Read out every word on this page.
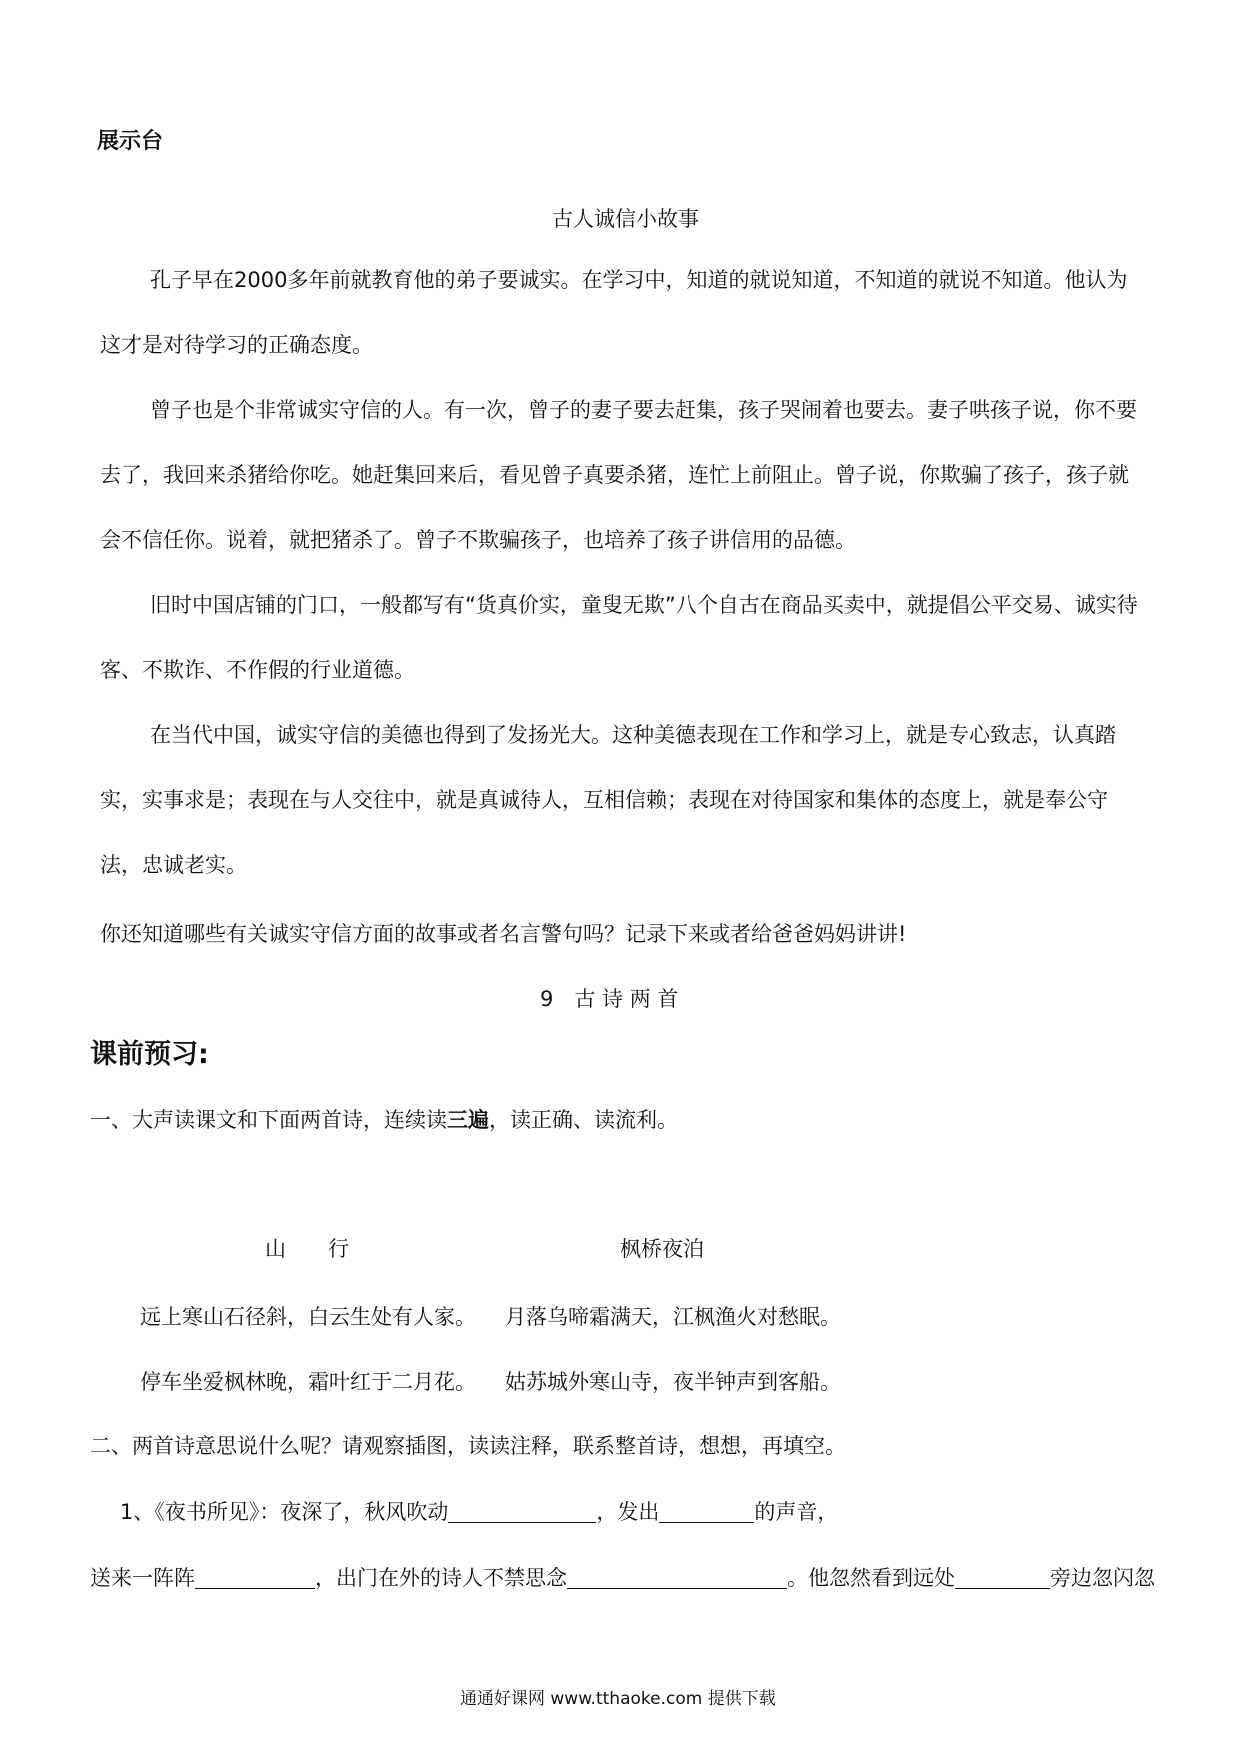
展示台
古人诚信小故事

孔子早在2000多年前就教育他的弟子要诚实。在学习中，知道的就说知道，不知道的就说不知道。他认为这才是对待学习的正确态度。

曾子也是个非常诚实守信的人。有一次，曾子的妻子要去赶集，孩子哭闹着也要去。妻子哄孩子说，你不要去了，我回来杀猪给你吃。她赶集回来后，看见曾子真要杀猪，连忙上前阻止。曾子说，你欺骗了孩子，孩子就会不信任你。说着，就把猪杀了。曾子不欺骗孩子，也培养了孩子讲信用的品德。

旧时中国店铺的门口，一般都写有“货真价实，童叟无欺”八个自古在商品买卖中，就提倡公平交易、诚实待客、不欺诈、不作假的行业道德。

在当代中国，诚实守信的美德也得到了发扬光大。这种美德表现在工作和学习上，就是专心致志，认真踏实，实事求是；表现在与人交往中，就是真诚待人，互相信赖；表现在对待国家和集体的态度上，就是奉公守法，忠诚老实。

你还知道哪些有关诚实守信方面的故事或者名言警句吗？记录下来或者给爸爸妈妈讲讲!
9　古 诗 两 首
课前预习:
一、大声读课文和下面两首诗，连续读三遍，读正确、读流利。
山　　行	枫桥夜泊
远上寒山石径斜，白云生处有人家。 月落乌啼霜满天，江枫渔火对愁眠。
停车坐爱枫林晚，霜叶红于二月花。 姑苏城外寒山寺，夜半钟声到客船。
二、两首诗意思说什么呢？请观察插图，读读注释，联系整首诗，想想，再填空。
1、《夜书所见》：夜深了，秋风吹动	，发出	的声音，
送来一阵阵	，出门在外的诗人不禁思念	。他忽然看到远处	旁边忽闪忽
通通好课网 www.tthaoke.com 提供下载
